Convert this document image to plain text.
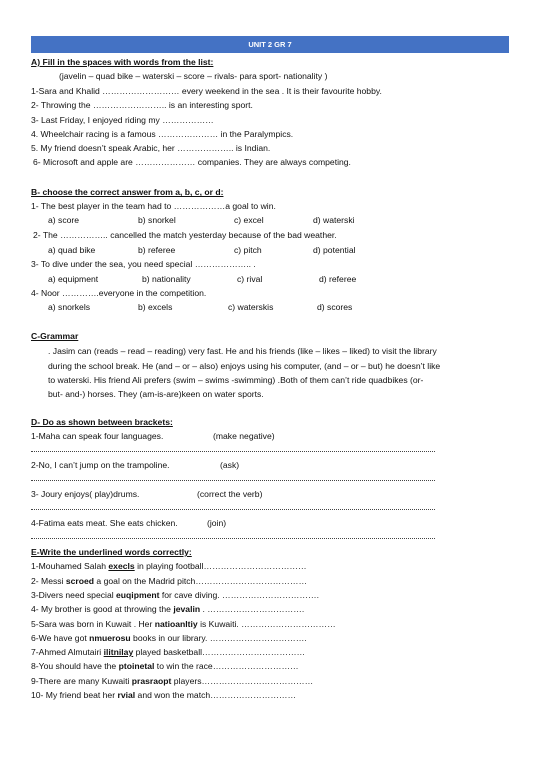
UNIT 2 GR 7
A) Fill in the spaces with words from the list:
(javelin – quad bike – waterski – score – rivals- para sport- nationality )
1-Sara and Khalid ……………………… every weekend in the sea . It is their favourite hobby.
2- Throwing the …………………….. is an interesting sport.
3- Last Friday, I enjoyed riding my ………………
4. Wheelchair racing is a famous ………………… in the Paralympics.
5. My friend doesn’t speak Arabic, her ……………….. is Indian.
6- Microsoft and apple are ………………… companies. They are always competing.
B- choose the correct answer from a, b, c, or d:
1- The best player in the team had to ………………a goal to win.
a) score	b) snorkel	c) excel	d) waterski
2- The …………….. cancelled the match yesterday because of the bad weather.
a) quad bike	b) referee	c) pitch	d) potential
3- To dive under the sea, you need special ……………….. .
a) equipment	b) nationality	c) rival	d) referee
4- Noor ………….everyone in the competition.
a) snorkels	b) excels	c) waterskis	d) scores
C-Grammar
. Jasim can (reads – read – reading) very fast. He and his friends (like – likes – liked) to visit the library
during the school break. He (and – or – also) enjoys using his computer, (and – or – but) he doesn’t like
to waterski. His friend Ali prefers (swim – swims -swimming) .Both of them can’t ride quadbikes (or-
but- and-) horses. They (am-is-are)keen on water sports.
D- Do as shown between brackets:
1-Maha can speak four languages.	(make negative)
2-No, I can’t jump on the trampoline.	(ask)
3- Joury enjoys( play)drums.	(correct the verb)
4-Fatima eats meat. She eats chicken.	(join)
E-Write the underlined words correctly:
1-Mouhamed Salah execls in playing football………………………………
2- Messi scroed a goal on the Madrid pitch…………………………………
3-Divers need special euqipment for cave diving. …………………………….
4- My brother is good at throwing the jevalin . …………………………….
5-Sara was born in Kuwait . Her natioanltiy is Kuwaiti. ……………………………
6-We have got nmuerosu books in our library. …………………………….
7-Ahmed Almutairi ilitnilay played basketball………………………………
8-You should have the ptoinetal to win the race…………………………
9-There are many Kuwaiti prasraopt players…………………………………
10- My friend beat her rvial and won the match…………………………
